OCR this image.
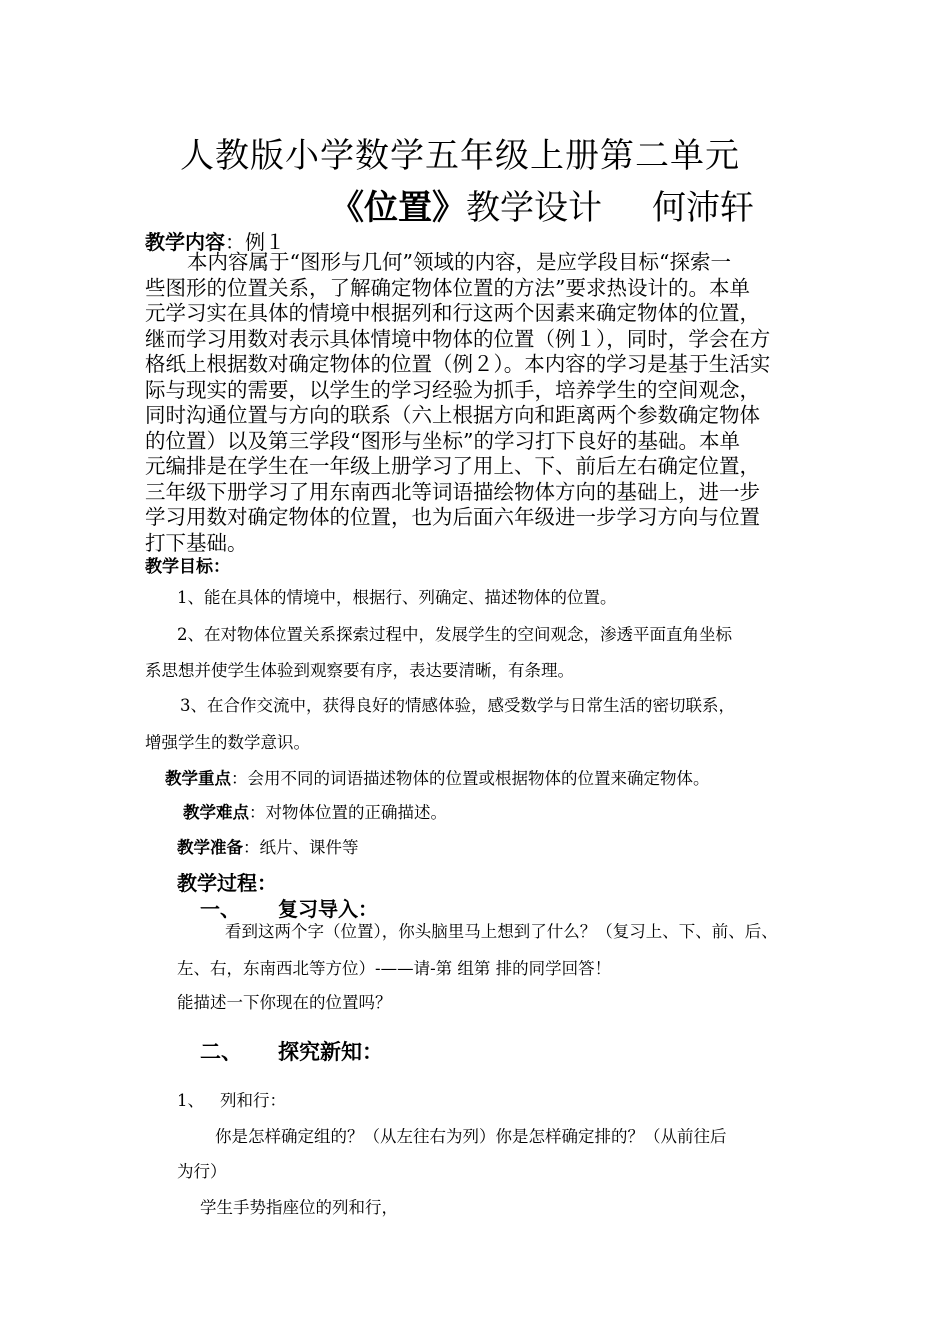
人教版小学数学五年级上册第二单元
《位置》教学设计 何沛轩
教学内容：例１
本内容属于“图形与几何”领域的内容，是应学段目标“探索一
些图形的位置关系，了解确定物体位置的方法”要求热设计的。本单
元学习实在具体的情境中根据列和行这两个因素来确定物体的位置，
继而学习用数对表示具体情境中物体的位置（例１），同时，学会在方
格纸上根据数对确定物体的位置（例２）。本内容的学习是基于生活实
际与现实的需要，以学生的学习经验为抓手，培养学生的空间观念，
同时沟通位置与方向的联系（六上根据方向和距离两个参数确定物体
的位置）以及第三学段“图形与坐标”的学习打下良好的基础。本单
元编排是在学生在一年级上册学习了用上、下、前后左右确定位置，
三年级下册学习了用东南西北等词语描绘物体方向的基础上，进一步
学习用数对确定物体的位置，也为后面六年级进一步学习方向与位置
打下基础。
教学目标：
1、能在具体的情境中，根据行、列确定、描述物体的位置。
2、在对物体位置关系探索过程中，发展学生的空间观念，渗透平面直角坐标
系思想并使学生体验到观察要有序，表达要清晰，有条理。
3、在合作交流中，获得良好的情感体验，感受数学与日常生活的密切联系，
增强学生的数学意识。
教学重点：会用不同的词语描述物体的位置或根据物体的位置来确定物体。
教学难点：对物体位置的正确描述。
教学准备：纸片、课件等
教学过程：
一、 复习导入：
看到这两个字（位置），你头脑里马上想到了什么？（复习上、下、前、后、
左、右，东南西北等方位）-——请-第 组第 排的同学回答！
能描述一下你现在的位置吗？
二、 探究新知：
1、 列和行：
你是怎样确定组的？（从左往右为列）你是怎样确定排的？（从前往后
为行）
学生手势指座位的列和行，
